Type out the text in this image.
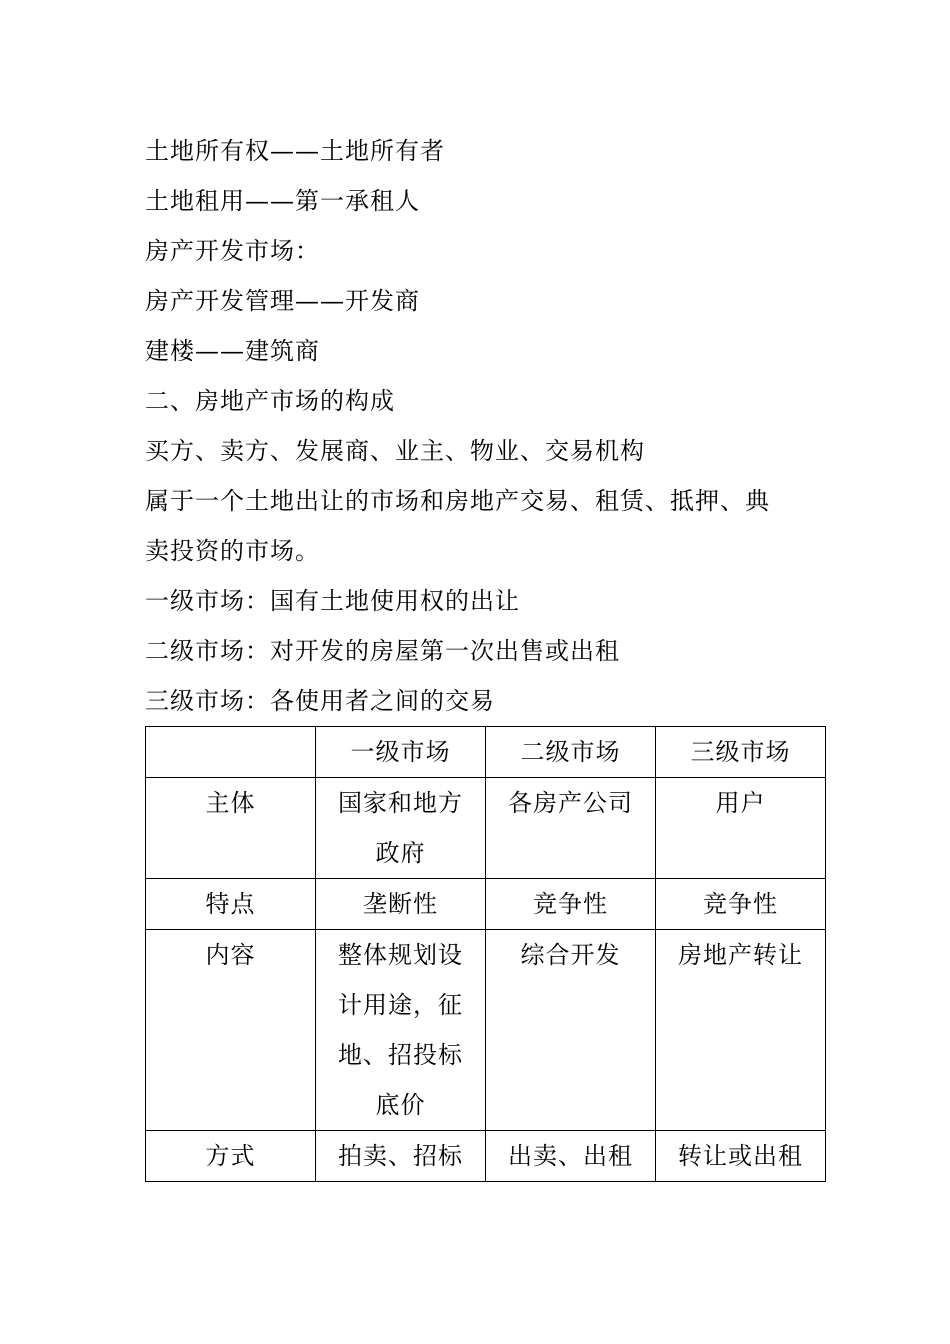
土地所有权——土地所有者
土地租用——第一承租人
房产开发市场：
房产开发管理——开发商
建楼——建筑商
二、房地产市场的构成
买方、卖方、发展商、业主、物业、交易机构
属于一个土地出让的市场和房地产交易、租赁、抵押、典
卖投资的市场。
一级市场：国有土地使用权的出让
二级市场：对开发的房屋第一次出售或出租
三级市场：各使用者之间的交易

	一级市场	二级市场	三级市场

主体	国家和地方政府	各房产公司	用户

特点	垄断性	竞争性	竞争性

内容	整体规划设计用途，征地、招投标底价	综合开发	房地产转让

方式	拍卖、招标	出卖、出租	转让或出租
